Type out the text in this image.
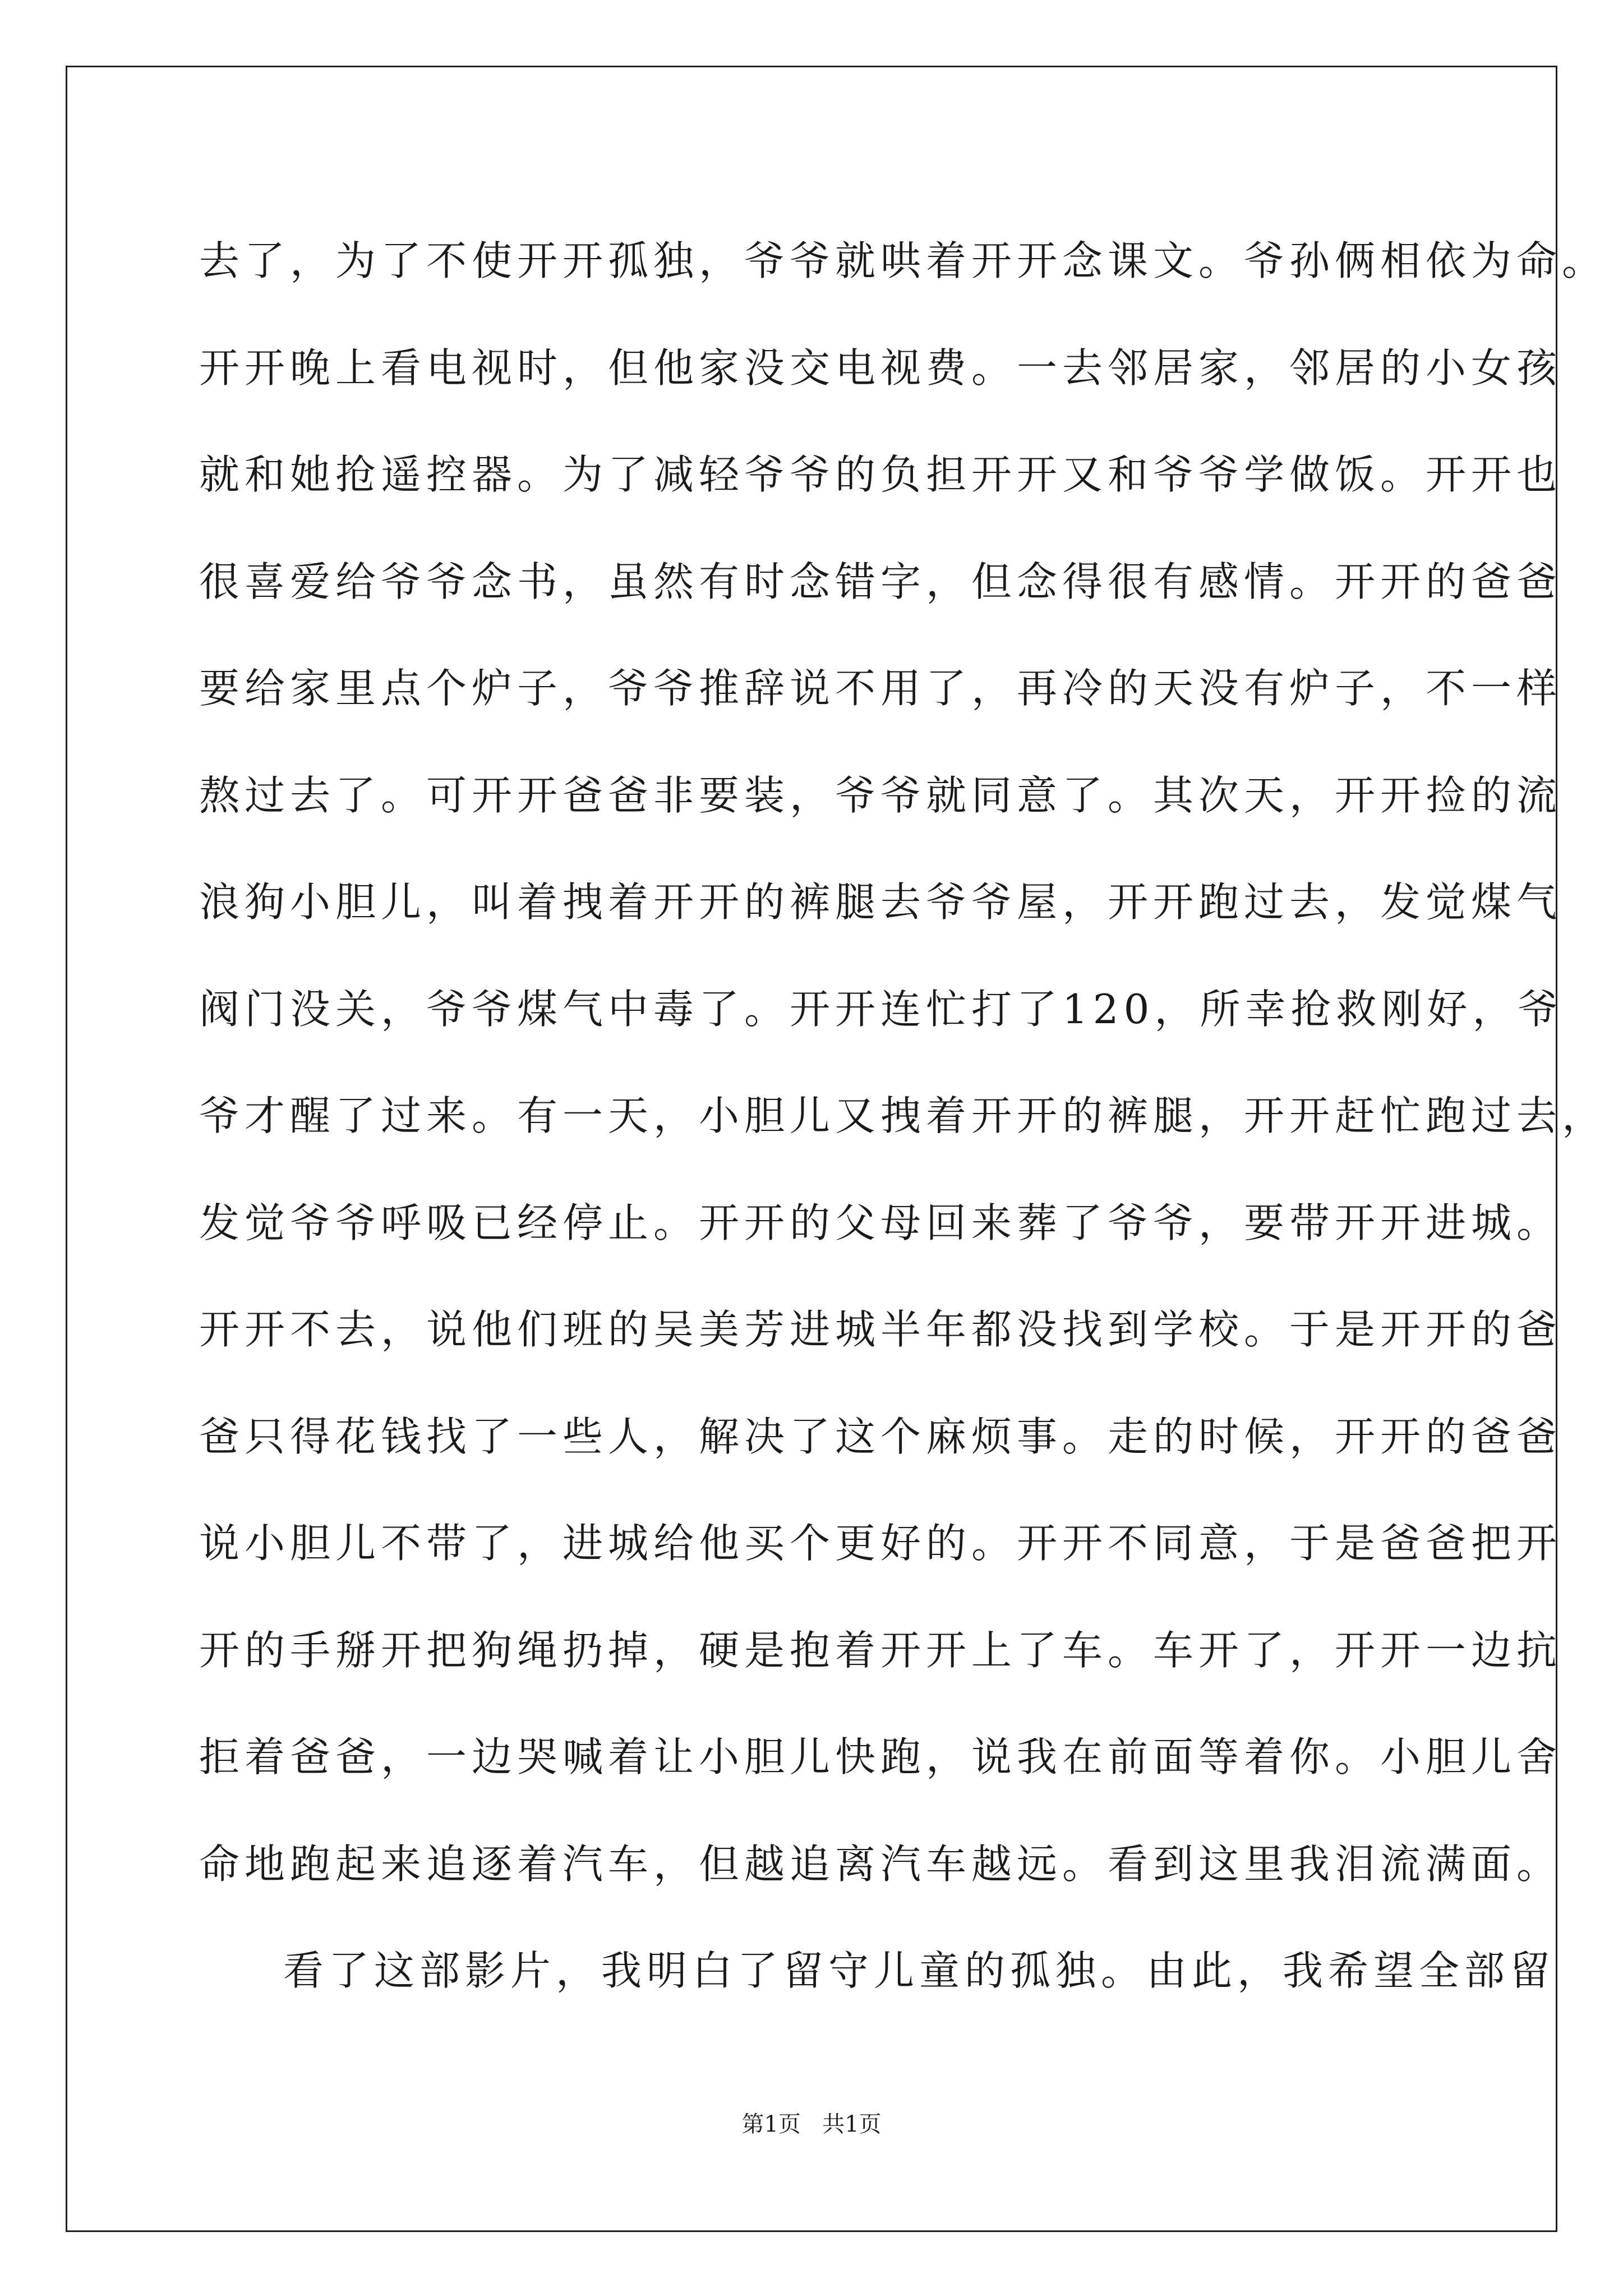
去了，为了不使开开孤独，爷爷就哄着开开念课文。爷孙俩相依为命。
开开晚上看电视时，但他家没交电视费。一去邻居家，邻居的小女孩
就和她抢遥控器。为了减轻爷爷的负担开开又和爷爷学做饭。开开也
很喜爱给爷爷念书，虽然有时念错字，但念得很有感情。开开的爸爸
要给家里点个炉子，爷爷推辞说不用了，再冷的天没有炉子，不一样
熬过去了。可开开爸爸非要装，爷爷就同意了。其次天，开开捡的流
浪狗小胆儿，叫着拽着开开的裤腿去爷爷屋，开开跑过去，发觉煤气
阀门没关，爷爷煤气中毒了。开开连忙打了120，所幸抢救刚好，爷
爷才醒了过来。有一天，小胆儿又拽着开开的裤腿，开开赶忙跑过去，
发觉爷爷呼吸已经停止。开开的父母回来葬了爷爷，要带开开进城。
开开不去，说他们班的吴美芳进城半年都没找到学校。于是开开的爸
爸只得花钱找了一些人，解决了这个麻烦事。走的时候，开开的爸爸
说小胆儿不带了，进城给他买个更好的。开开不同意，于是爸爸把开
开的手掰开把狗绳扔掉，硬是抱着开开上了车。车开了，开开一边抗
拒着爸爸，一边哭喊着让小胆儿快跑，说我在前面等着你。小胆儿舍
命地跑起来追逐着汽车，但越追离汽车越远。看到这里我泪流满面。
看了这部影片，我明白了留守儿童的孤独。由此，我希望全部留
第1页 共1页
